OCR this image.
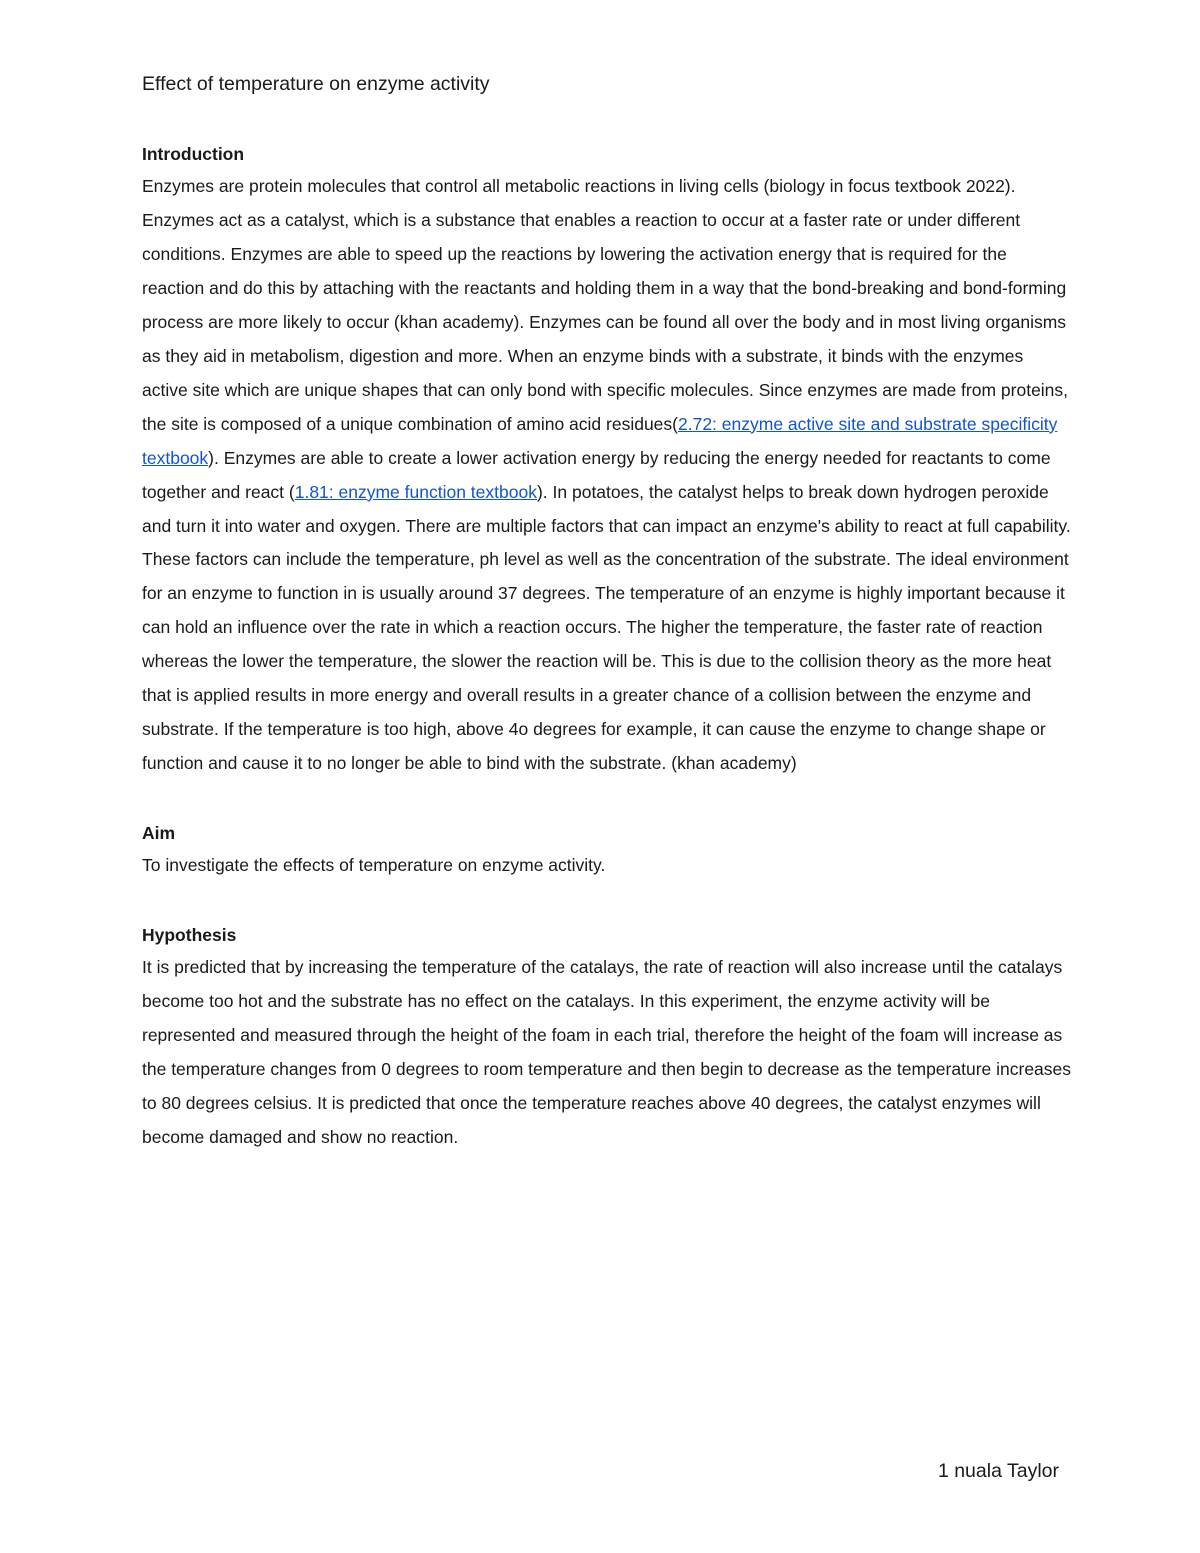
Effect of temperature on enzyme activity
Introduction

Enzymes are protein molecules that control all metabolic reactions in living cells (biology in focus textbook 2022). Enzymes act as a catalyst, which is a substance that enables a reaction to occur at a faster rate or under different conditions. Enzymes are able to speed up the reactions by lowering the activation energy that is required for the reaction and do this by attaching with the reactants and holding them in a way that the bond-breaking and bond-forming process are more likely to occur (khan academy). Enzymes can be found all over the body and in most living organisms as they aid in metabolism, digestion and more. When an enzyme binds with a substrate, it binds with the enzymes active site which are unique shapes that can only bond with specific molecules. Since enzymes are made from proteins, the site is composed of a unique combination of amino acid residues(2.72: enzyme active site and substrate specificity textbook). Enzymes are able to create a lower activation energy by reducing the energy needed for reactants to come together and react (1.81: enzyme function textbook). In potatoes, the catalyst helps to break down hydrogen peroxide and turn it into water and oxygen. There are multiple factors that can impact an enzyme's ability to react at full capability. These factors can include the temperature, ph level as well as the concentration of the substrate. The ideal environment for an enzyme to function in is usually around 37 degrees. The temperature of an enzyme is highly important because it can hold an influence over the rate in which a reaction occurs. The higher the temperature, the faster rate of reaction whereas the lower the temperature, the slower the reaction will be. This is due to the collision theory as the more heat that is applied results in more energy and overall results in a greater chance of a collision between the enzyme and substrate. If the temperature is too high, above 4o degrees for example, it can cause the enzyme to change shape or function and cause it to no longer be able to bind with the substrate. (khan academy)

Aim

To investigate the effects of temperature on enzyme activity.

Hypothesis

It is predicted that by increasing the temperature of the catalays, the rate of reaction will also increase until the catalays become too hot and the substrate has no effect on the catalays. In this experiment, the enzyme activity will be represented and measured through the height of the foam in each trial, therefore the height of the foam will increase as the temperature changes from 0 degrees to room temperature and then begin to decrease as the temperature increases to 80 degrees celsius. It is predicted that once the temperature reaches above 40 degrees, the catalyst enzymes will become damaged and show no reaction.

1 nuala Taylor
